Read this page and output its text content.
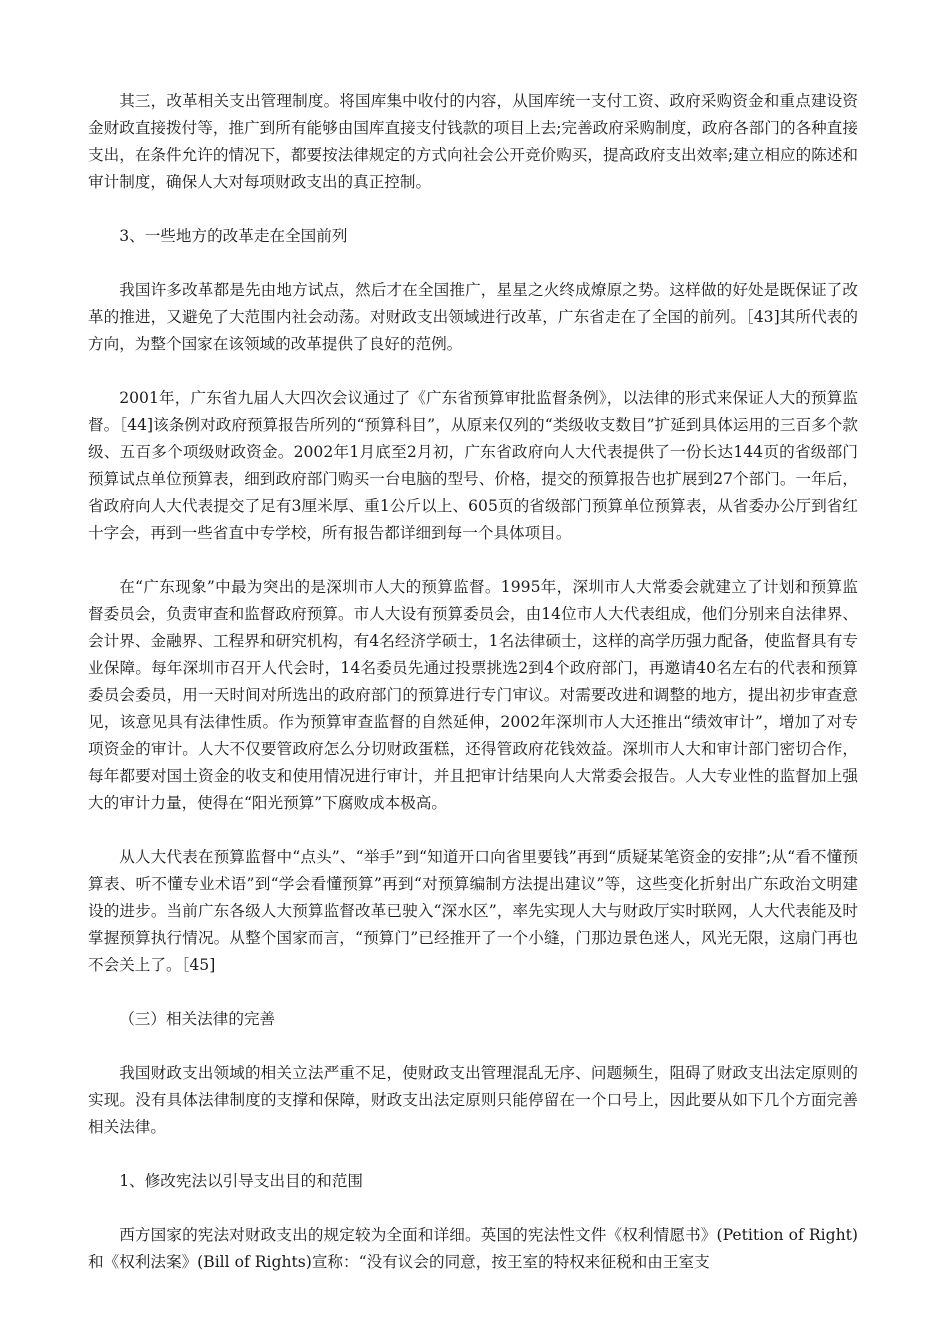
其三，改革相关支出管理制度。将国库集中收付的内容，从国库统一支付工资、政府采购资金和重点建设资金财政直接拨付等，推广到所有能够由国库直接支付钱款的项目上去;完善政府采购制度，政府各部门的各种直接支出，在条件允许的情况下，都要按法律规定的方式向社会公开竞价购买，提高政府支出效率;建立相应的陈述和审计制度，确保人大对每项财政支出的真正控制。

3、一些地方的改革走在全国前列

我国许多改革都是先由地方试点，然后才在全国推广，星星之火终成燎原之势。这样做的好处是既保证了改革的推进，又避免了大范围内社会动荡。对财政支出领域进行改革，广东省走在了全国的前列。［43]其所代表的方向，为整个国家在该领域的改革提供了良好的范例。

2001年，广东省九届人大四次会议通过了《广东省预算审批监督条例》，以法律的形式来保证人大的预算监督。［44]该条例对政府预算报告所列的“预算科目”，从原来仅列的“类级收支数目”扩延到具体运用的三百多个款级、五百多个项级财政资金。2002年1月底至2月初，广东省政府向人大代表提供了一份长达144页的省级部门预算试点单位预算表，细到政府部门购买一台电脑的型号、价格，提交的预算报告也扩展到27个部门。一年后，省政府向人大代表提交了足有3厘米厚、重1公斤以上、605页的省级部门预算单位预算表，从省委办公厅到省红十字会，再到一些省直中专学校，所有报告都详细到每一个具体项目。

在“广东现象”中最为突出的是深圳市人大的预算监督。1995年，深圳市人大常委会就建立了计划和预算监督委员会，负责审查和监督政府预算。市人大设有预算委员会，由14位市人大代表组成，他们分别来自法律界、会计界、金融界、工程界和研究机构，有4名经济学硕士，1名法律硕士，这样的高学历强力配备，使监督具有专业保障。每年深圳市召开人代会时，14名委员先通过投票挑选2到4个政府部门，再邀请40名左右的代表和预算委员会委员，用一天时间对所选出的政府部门的预算进行专门审议。对需要改进和调整的地方，提出初步审查意见，该意见具有法律性质。作为预算审查监督的自然延伸，2002年深圳市人大还推出“绩效审计”，增加了对专项资金的审计。人大不仅要管政府怎么分切财政蛋糕，还得管政府花钱效益。深圳市人大和审计部门密切合作，每年都要对国土资金的收支和使用情况进行审计，并且把审计结果向人大常委会报告。人大专业性的监督加上强大的审计力量，使得在“阳光预算”下腐败成本极高。

从人大代表在预算监督中“点头”、“举手”到“知道开口向省里要钱”再到“质疑某笔资金的安排”;从“看不懂预算表、听不懂专业术语”到“学会看懂预算”再到“对预算编制方法提出建议”等，这些变化折射出广东政治文明建设的进步。当前广东各级人大预算监督改革已驶入“深水区”，率先实现人大与财政厅实时联网，人大代表能及时掌握预算执行情况。从整个国家而言，“预算门”已经推开了一个小缝，门那边景色迷人，风光无限，这扇门再也不会关上了。［45]

（三）相关法律的完善

我国财政支出领域的相关立法严重不足，使财政支出管理混乱无序、问题频生，阻碍了财政支出法定原则的实现。没有具体法律制度的支撑和保障，财政支出法定原则只能停留在一个口号上，因此要从如下几个方面完善相关法律。

1、修改宪法以引导支出目的和范围

西方国家的宪法对财政支出的规定较为全面和详细。英国的宪法性文件《权利情愿书》(Petition of Right)和《权利法案》(Bill of Rights)宣称：“没有议会的同意，按王室的特权来征税和由王室支
